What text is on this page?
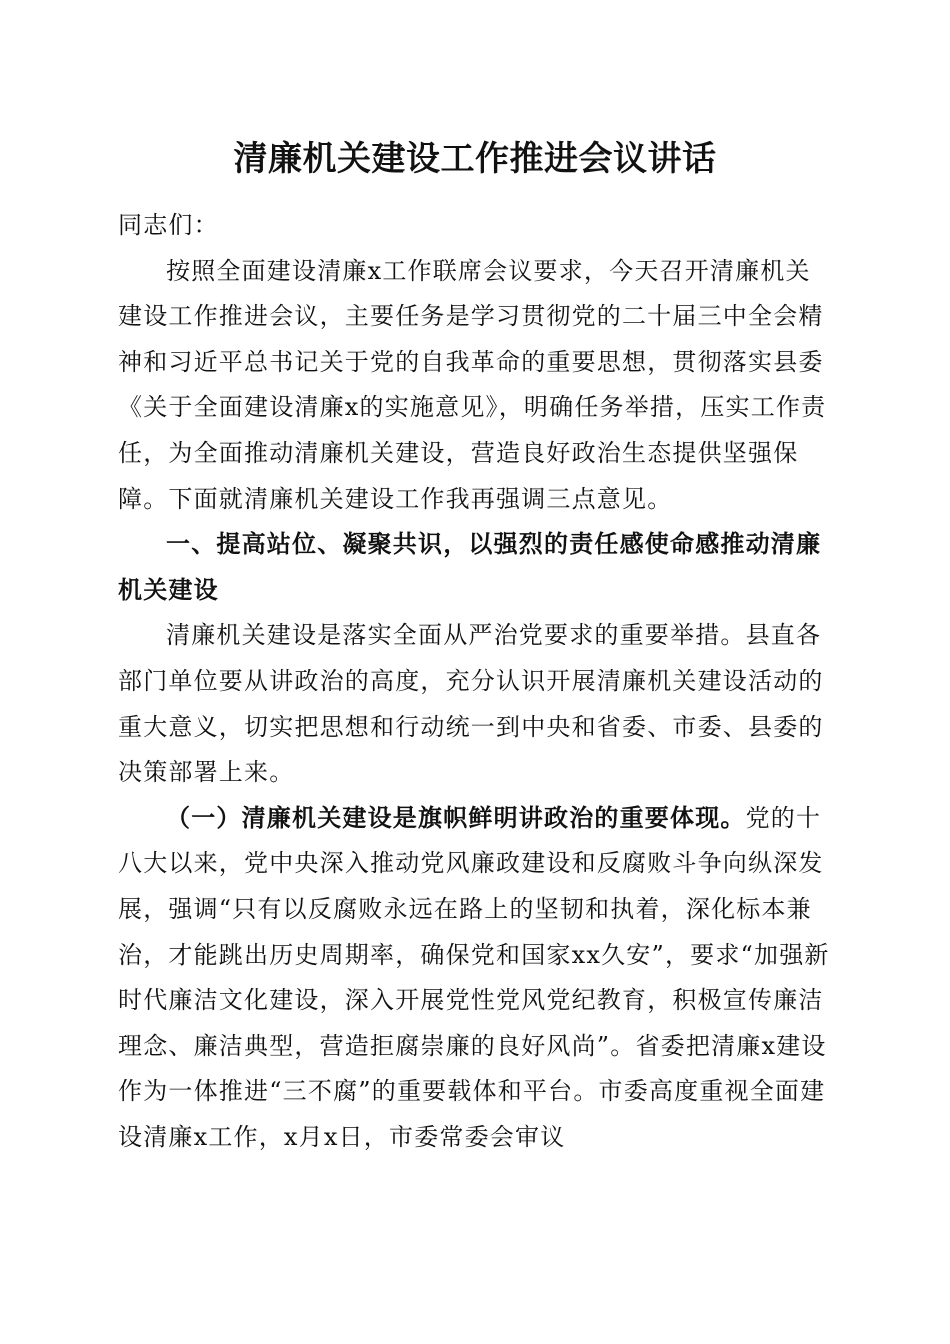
清廉机关建设工作推进会议讲话

同志们：

按照全面建设清廉x工作联席会议要求，今天召开清廉机关建设工作推进会议，主要任务是学习贯彻党的二十届三中全会精神和习近平总书记关于党的自我革命的重要思想，贯彻落实县委《关于全面建设清廉x的实施意见》，明确任务举措，压实工作责任，为全面推动清廉机关建设，营造良好政治生态提供坚强保障。下面就清廉机关建设工作我再强调三点意见。

一、提高站位、凝聚共识，以强烈的责任感使命感推动清廉机关建设

清廉机关建设是落实全面从严治党要求的重要举措。县直各部门单位要从讲政治的高度，充分认识开展清廉机关建设活动的重大意义，切实把思想和行动统一到中央和省委、市委、县委的决策部署上来。

（一）清廉机关建设是旗帜鲜明讲政治的重要体现。党的十八大以来，党中央深入推动党风廉政建设和反腐败斗争向纵深发展，强调“只有以反腐败永远在路上的坚韧和执着，深化标本兼治，才能跳出历史周期率，确保党和国家xx久安”，要求“加强新时代廉洁文化建设，深入开展党性党风党纪教育，积极宣传廉洁理念、廉洁典型，营造拒腐崇廉的良好风尚”。省委把清廉x建设作为一体推进“三不腐”的重要载体和平台。市委高度重视全面建设清廉x工作，x月x日，市委常委会审议
